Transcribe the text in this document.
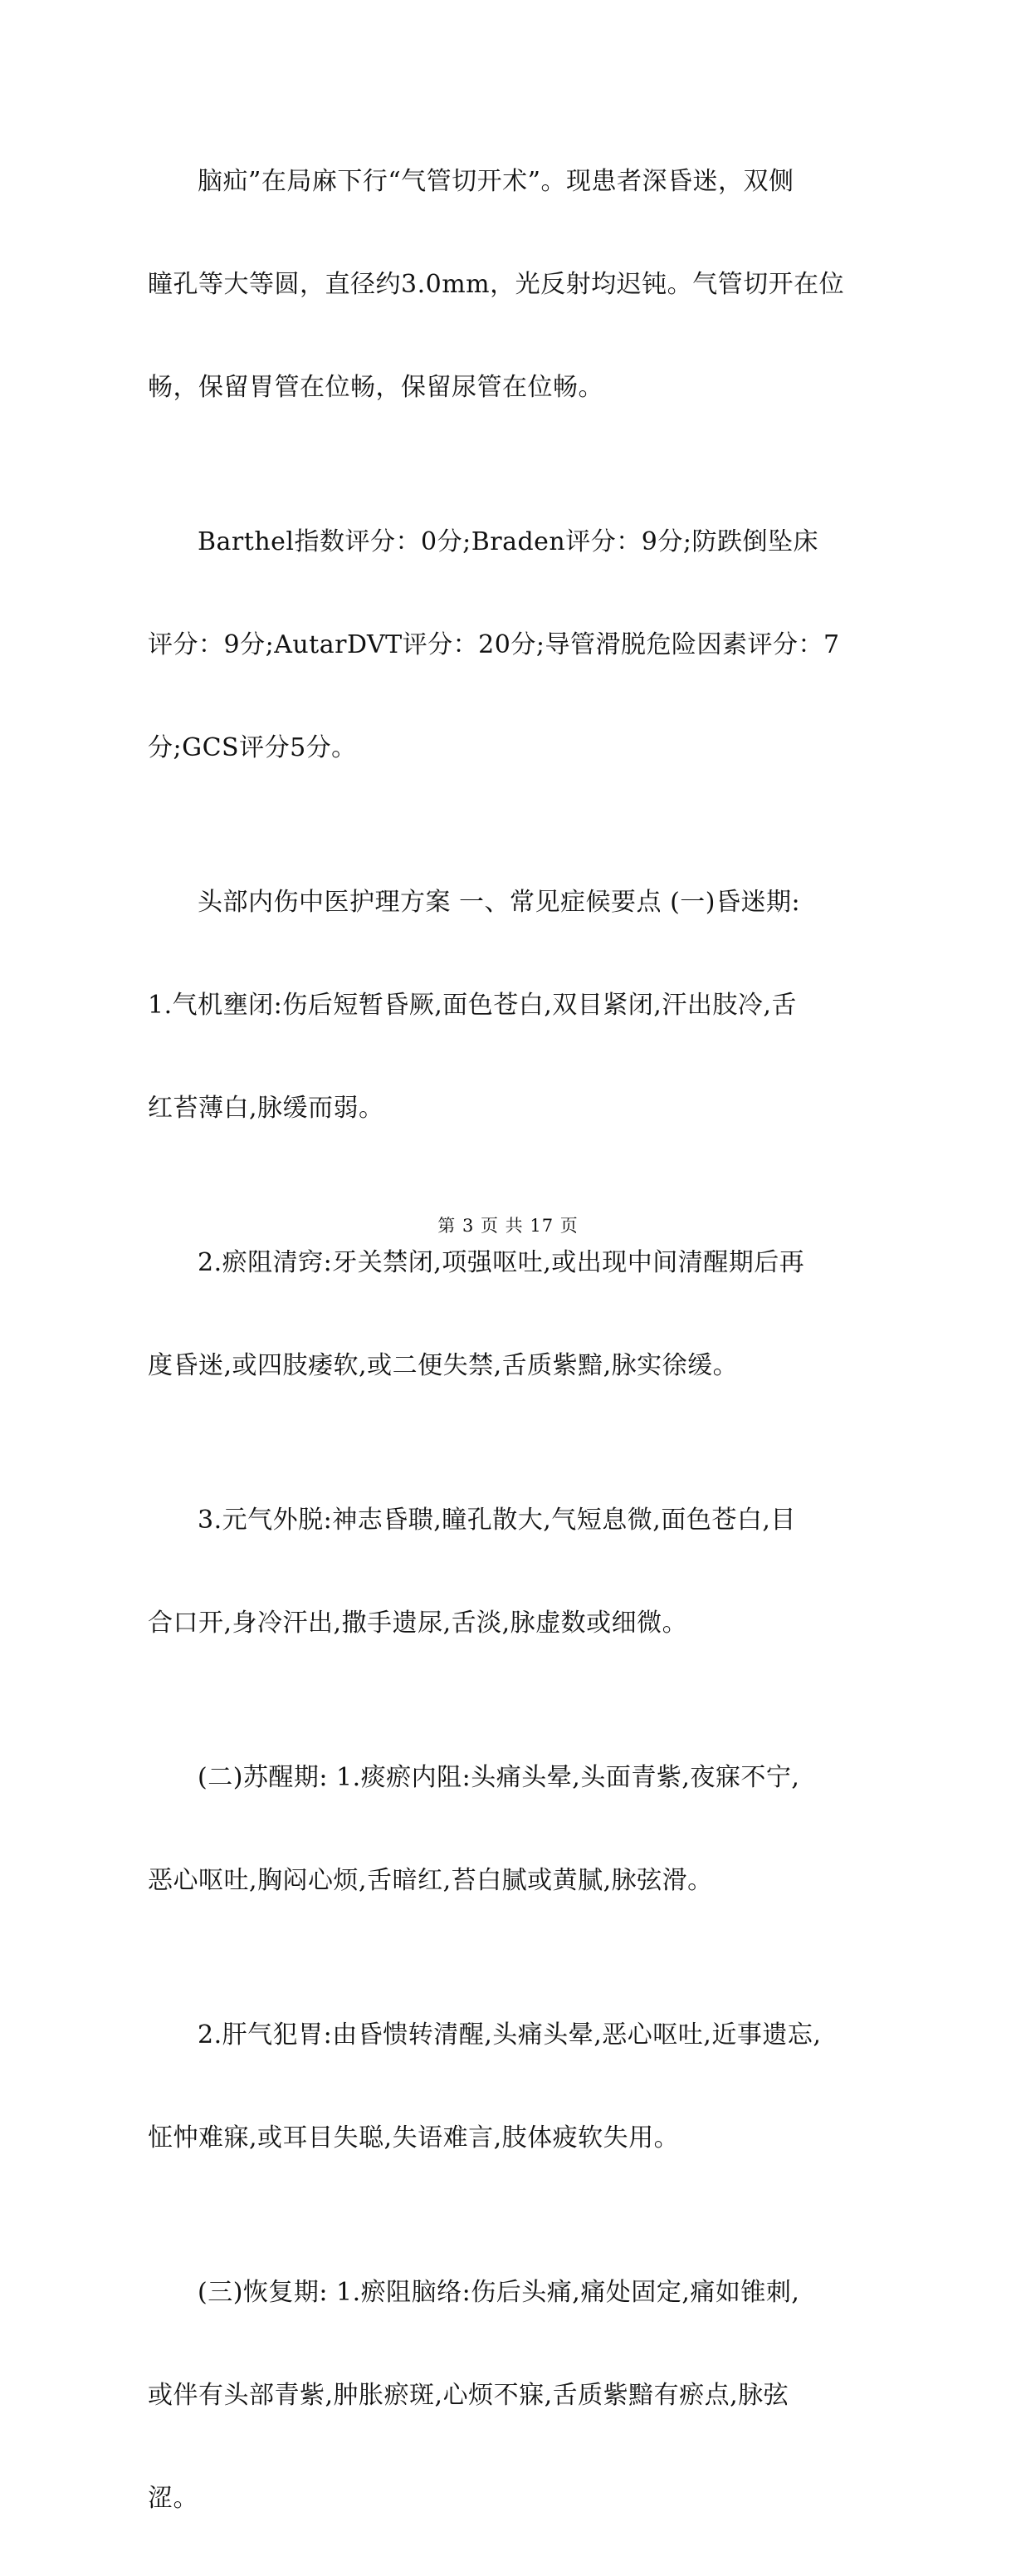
脑疝”在局麻下行“气管切开术”。现患者深昏迷，双侧

瞳孔等大等圆，直径约3.0mm，光反射均迟钝。气管切开在位

畅，保留胃管在位畅，保留尿管在位畅。

Barthel指数评分：0分;Braden评分：9分;防跌倒坠床

评分：9分;AutarDVT评分：20分;导管滑脱危险因素评分：7

分;GCS评分5分。

头部内伤中医护理方案 一、常见症候要点 (一)昏迷期:

1.气机壅闭:伤后短暂昏厥,面色苍白,双目紧闭,汗出肢冷,舌

红苔薄白,脉缓而弱。

2.瘀阻清窍:牙关禁闭,项强呕吐,或出现中间清醒期后再

度昏迷,或四肢痿软,或二便失禁,舌质紫黯,脉实徐缓。

3.元气外脱:神志昏聩,瞳孔散大,气短息微,面色苍白,目

合口开,身冷汗出,撒手遗尿,舌淡,脉虚数或细微。

(二)苏醒期: 1.痰瘀内阻:头痛头晕,头面青紫,夜寐不宁,

恶心呕吐,胸闷心烦,舌暗红,苔白腻或黄腻,脉弦滑。

2.肝气犯胃:由昏愦转清醒,头痛头晕,恶心呕吐,近事遗忘,

怔忡难寐,或耳目失聪,失语难言,肢体疲软失用。

(三)恢复期: 1.瘀阻脑络:伤后头痛,痛处固定,痛如锥刺,

或伴有头部青紫,肿胀瘀斑,心烦不寐,舌质紫黯有瘀点,脉弦

涩。

第 3 页 共 17 页
